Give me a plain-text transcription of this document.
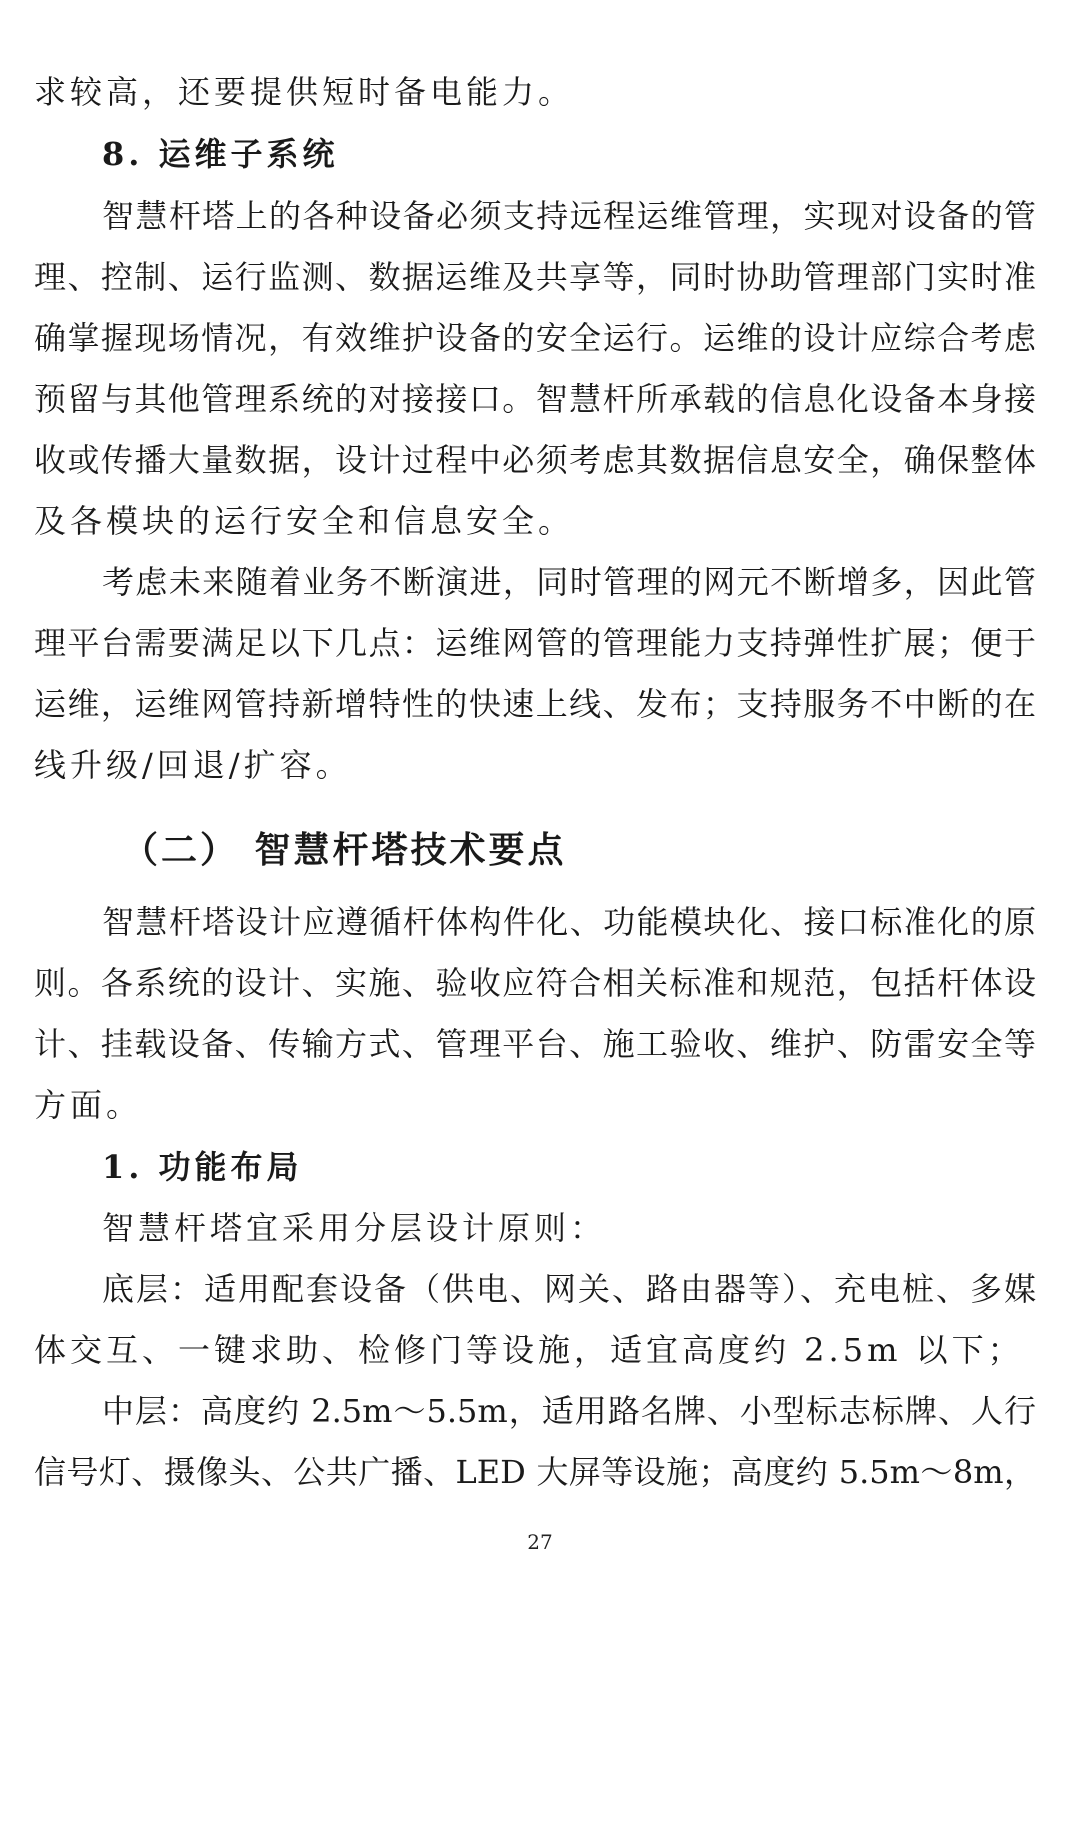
求较高，还要提供短时备电能力。
8. 运维子系统
智慧杆塔上的各种设备必须支持远程运维管理，实现对设备的管
理、控制、运行监测、数据运维及共享等，同时协助管理部门实时准
确掌握现场情况，有效维护设备的安全运行。运维的设计应综合考虑
预留与其他管理系统的对接接口。智慧杆所承载的信息化设备本身接
收或传播大量数据，设计过程中必须考虑其数据信息安全，确保整体
及各模块的运行安全和信息安全。
考虑未来随着业务不断演进，同时管理的网元不断增多，因此管
理平台需要满足以下几点：运维网管的管理能力支持弹性扩展；便于
运维，运维网管持新增特性的快速上线、发布；支持服务不中断的在
线升级/回退/扩容。
（二） 智慧杆塔技术要点
智慧杆塔设计应遵循杆体构件化、功能模块化、接口标准化的原
则。各系统的设计、实施、验收应符合相关标准和规范，包括杆体设
计、挂载设备、传输方式、管理平台、施工验收、维护、防雷安全等
方面。
1. 功能布局
智慧杆塔宜采用分层设计原则：
底层：适用配套设备（供电、网关、路由器等）、充电桩、多媒
体交互、一键求助、检修门等设施，适宜高度约 2.5m 以下；
中层：高度约 2.5m～5.5m，适用路名牌、小型标志标牌、人行
信号灯、摄像头、公共广播、LED 大屏等设施；高度约 5.5m～8m，
27
